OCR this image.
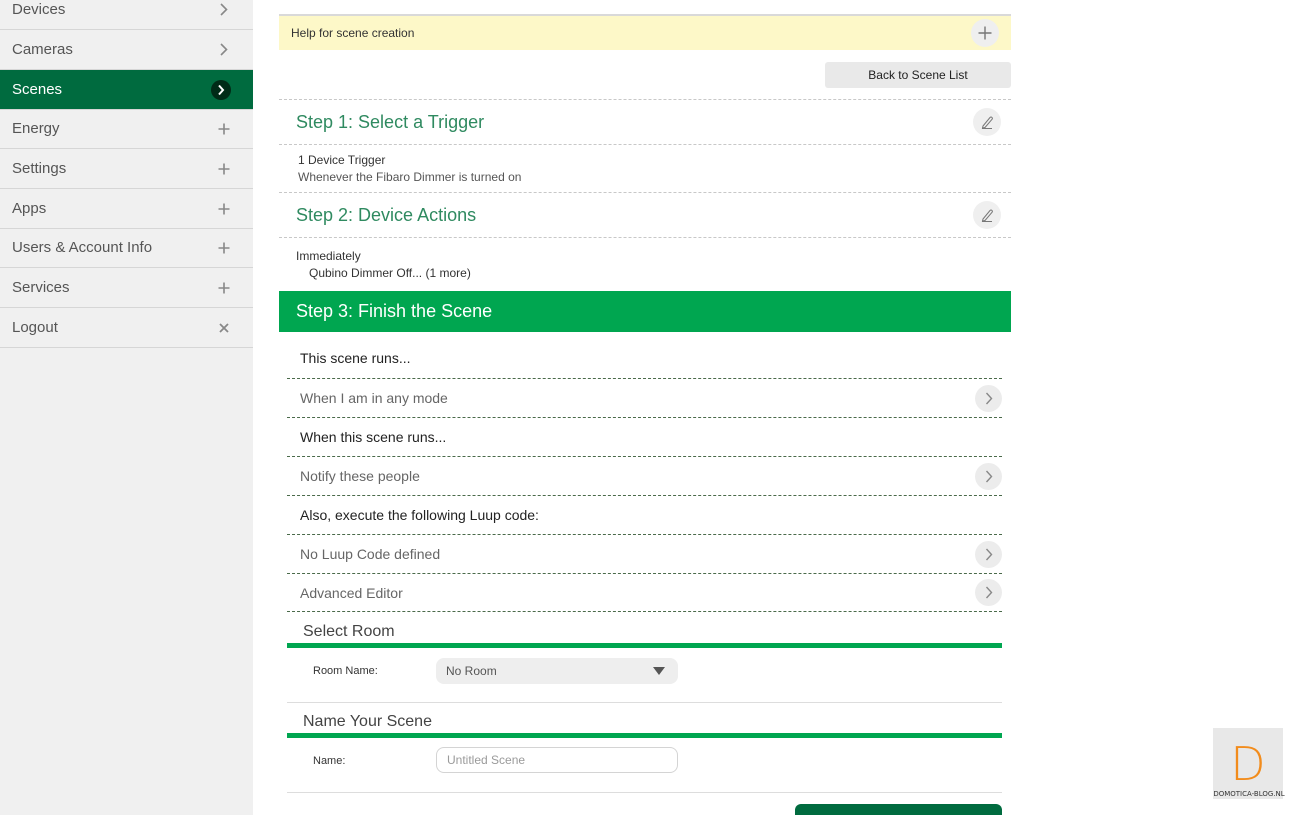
Devices
Cameras
Scenes
Energy
Settings
Apps
Users & Account Info
Services
Logout
Help for scene creation
Back to Scene List
Step 1: Select a Trigger
1 Device Trigger
Whenever the Fibaro Dimmer is turned on
Step 2: Device Actions
Immediately
Qubino Dimmer Off... (1 more)
Step 3: Finish the Scene
This scene runs...
When I am in any mode
When this scene runs...
Notify these people
Also, execute the following Luup code:
No Luup Code defined
Advanced Editor
Select Room
Room Name:	No Room
Name Your Scene
Name:
Untitled Scene	D
DOMOTICA-BLOG.NL
